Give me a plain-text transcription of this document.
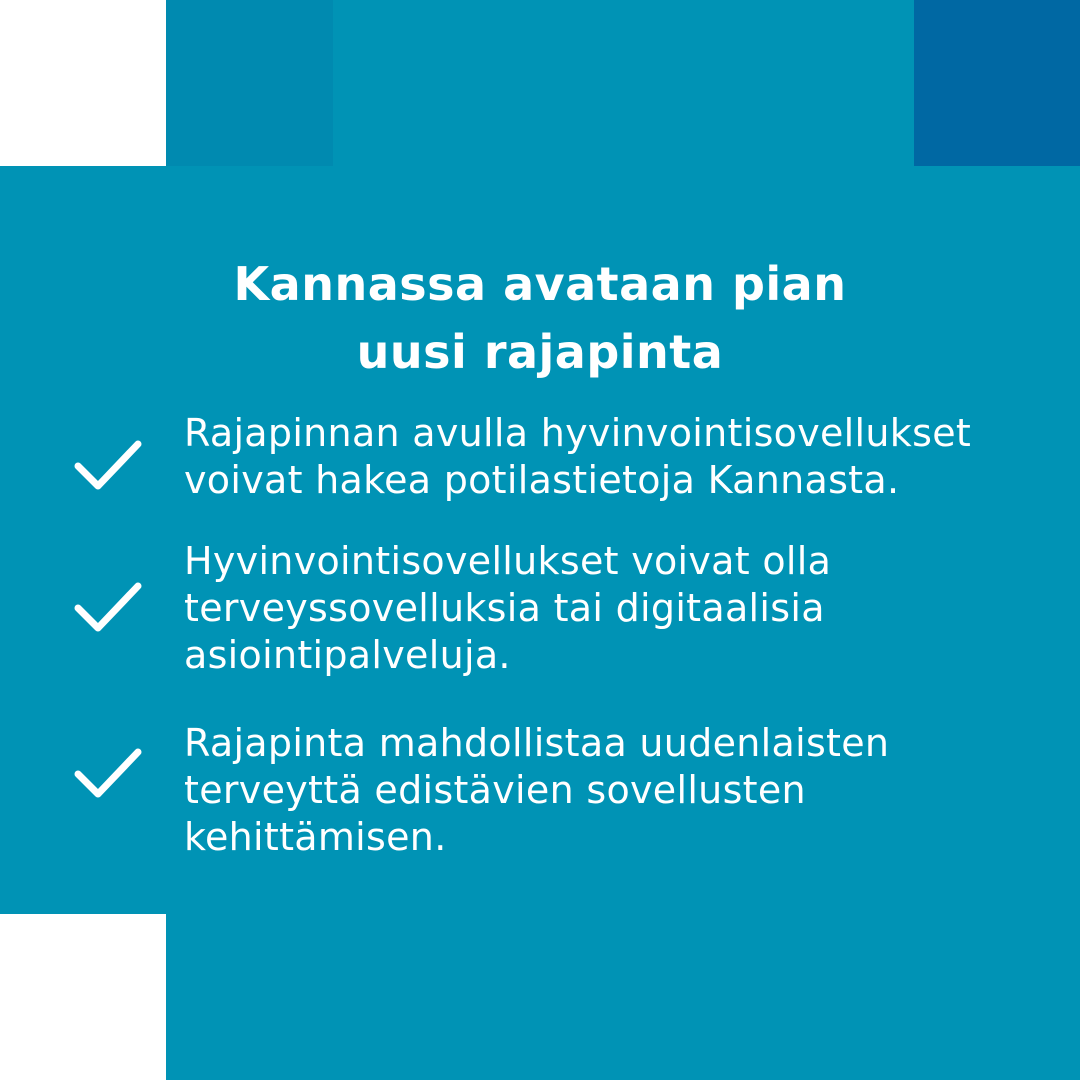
Kannassa avataan pian
uusi rajapinta

Rajapinnan avulla hyvinvointisovellukset
voivat hakea potilastietoja Kannasta.

Hyvinvointisovellukset voivat olla
terveyssovelluksia tai digitaalisia
asiointipalveluja.

Rajapinta mahdollistaa uudenlaisten
terveyttä edistävien sovellusten
kehittämisen.
